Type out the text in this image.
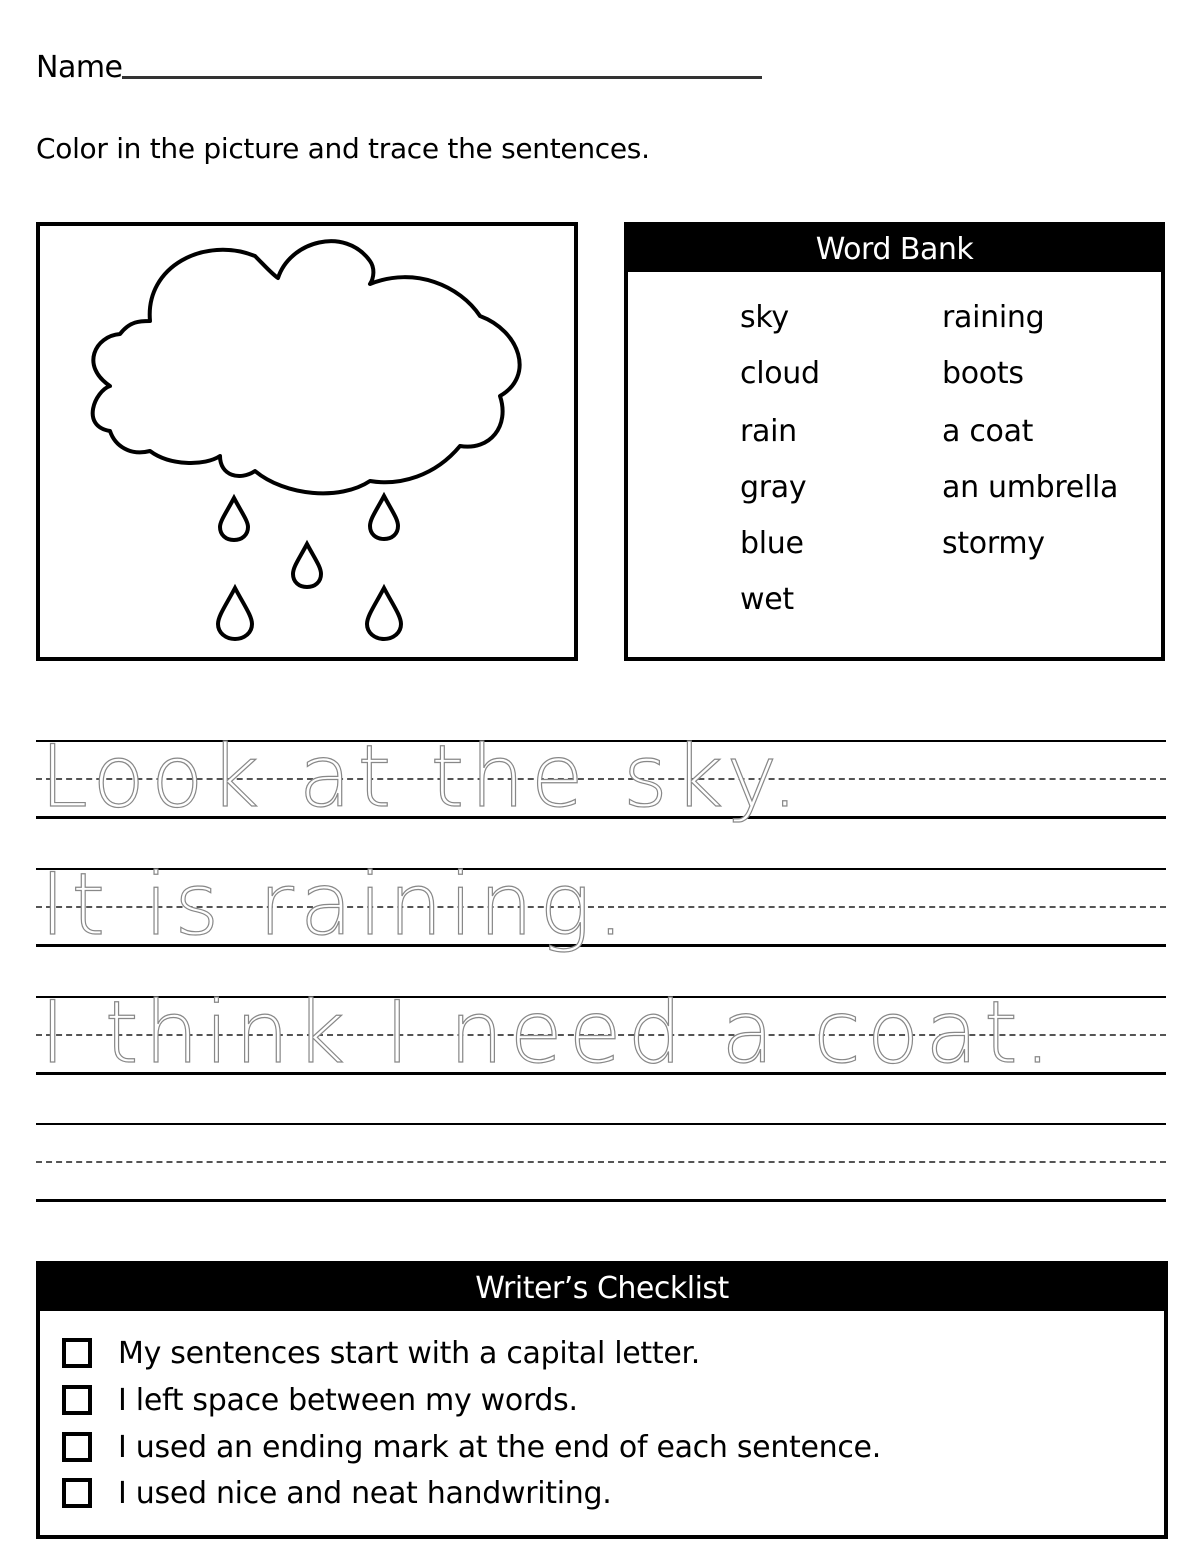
Name
Color in the picture and trace the sentences.
Word Bank
sky
cloud
rain
gray
blue
wet
raining
boots
a coat
an umbrella
stormy
Look at the sky.
It is raining.
I think I need a coat.
Writer’s Checklist
My sentences start with a capital letter.
I left space between my words.
I used an ending mark at the end of each sentence.
I used nice and neat handwriting.
